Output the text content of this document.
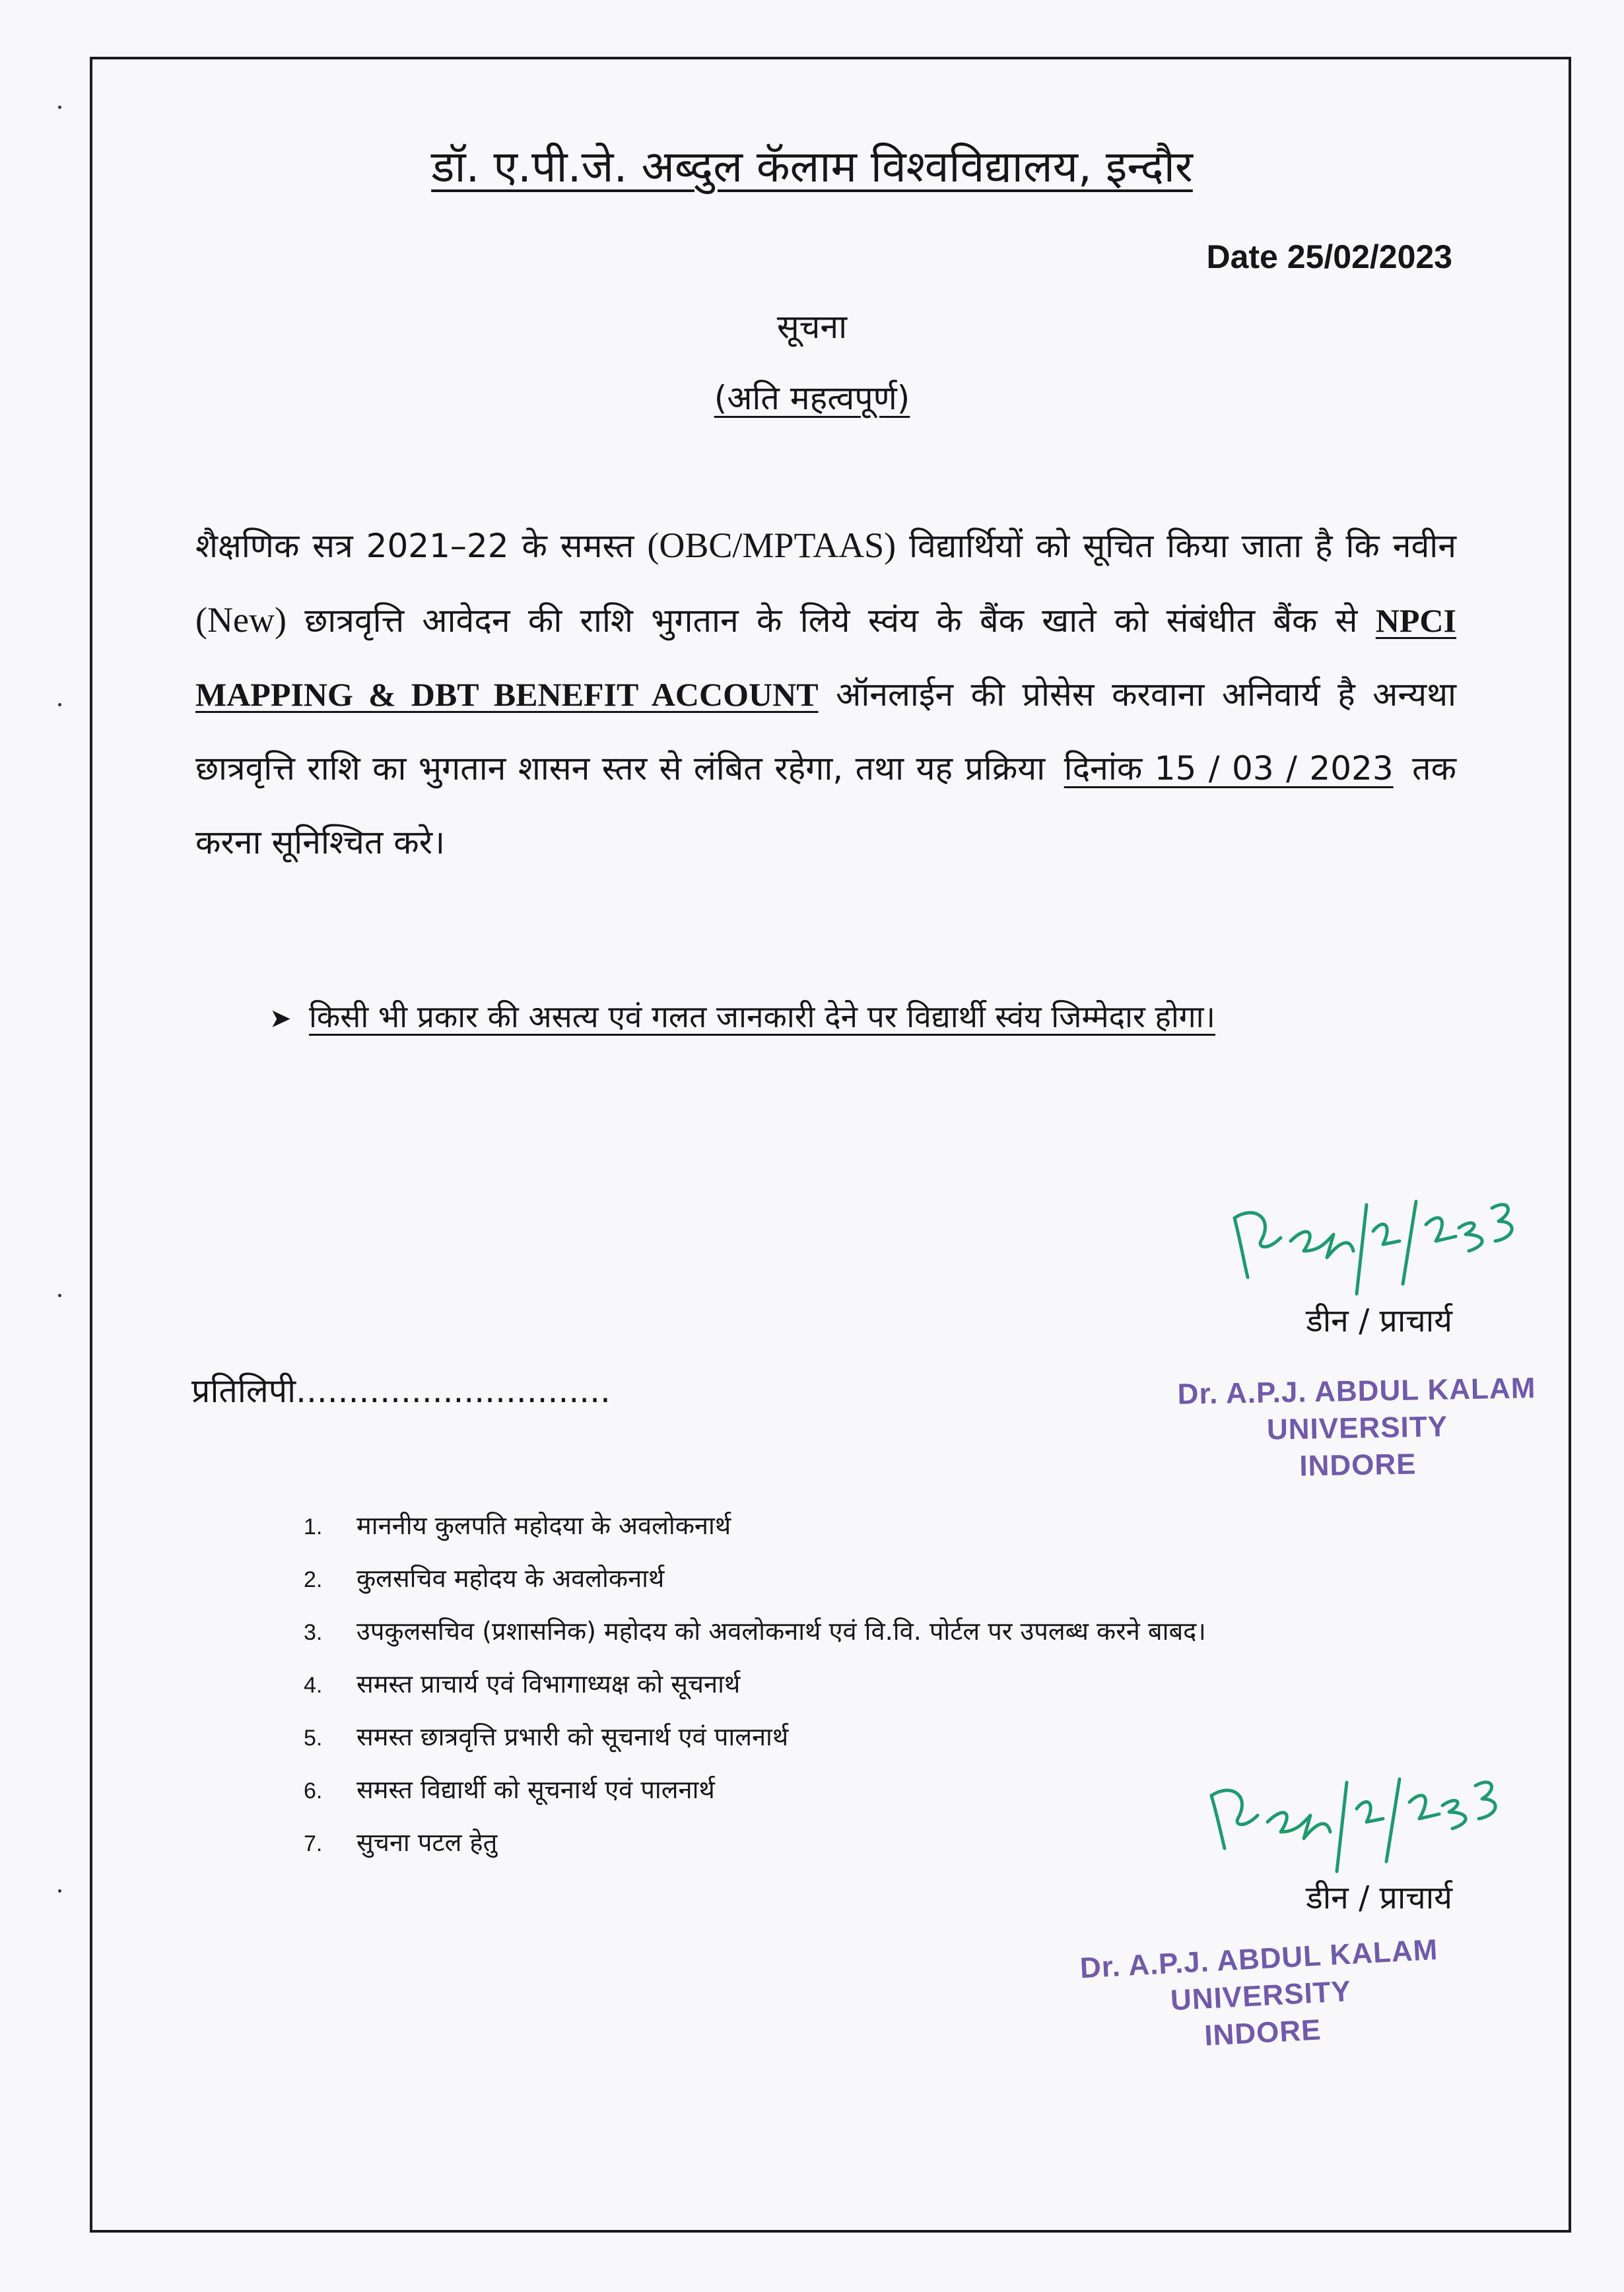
डॉ. ए.पी.जे. अब्दुल कॅलाम विश्वविद्यालय, इन्दौर
Date 25/02/2023
सूचना
(अति महत्वपूर्ण)

शैक्षणिक सत्र 2021–22 के समस्त (OBC/MPTAAS) विद्यार्थियों को सूचित किया जाता है कि नवीन (New) छात्रवृत्ति आवेदन की राशि भुगतान के लिये स्वंय के बैंक खाते को संबंधीत बैंक से NPCI MAPPING & DBT BENEFIT ACCOUNT ऑनलाईन की प्रोसेस करवाना अनिवार्य है अन्यथा छात्रवृत्ति राशि का भुगतान शासन स्तर से लंबित रहेगा, तथा यह प्रक्रिया दिनांक 15 / 03 / 2023 तक करना सूनिश्चित करे।

➤ किसी भी प्रकार की असत्य एवं गलत जानकारी देने पर विद्यार्थी स्वंय जिम्मेदार होगा।
डीन / प्राचार्य
Dr. A.P.J. ABDUL KALAM UNIVERSITY
INDORE
प्रतिलिपी..............................
1. माननीय कुलपति महोदया के अवलोकनार्थ
2. कुलसचिव महोदय के अवलोकनार्थ
3. उपकुलसचिव (प्रशासनिक) महोदय को अवलोकनार्थ एवं वि.वि. पोर्टल पर उपलब्ध करने बाबद।
4. समस्त प्राचार्य एवं विभागाध्यक्ष को सूचनार्थ
5. समस्त छात्रवृत्ति प्रभारी को सूचनार्थ एवं पालनार्थ
6. समस्त विद्यार्थी को सूचनार्थ एवं पालनार्थ
7. सुचना पटल हेतु
डीन / प्राचार्य
Dr. A.P.J. ABDUL KALAM UNIVERSITY
INDORE
